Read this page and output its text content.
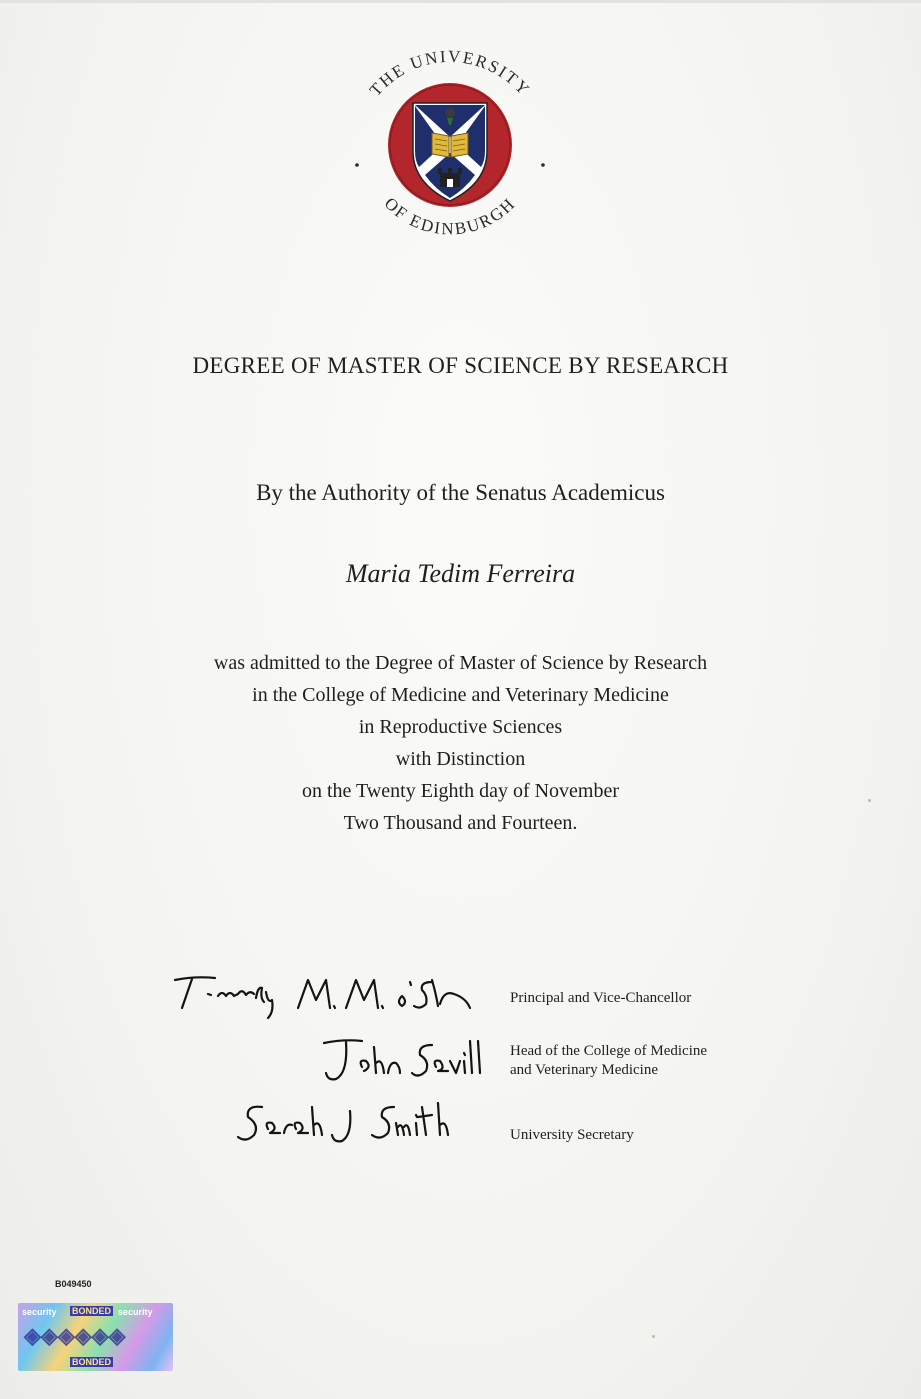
THE UNIVERSITY
OF EDINBURGH
DEGREE OF MASTER OF SCIENCE BY RESEARCH
By the Authority of the Senatus Academicus
Maria Tedim Ferreira
was admitted to the Degree of Master of Science by Research
in the College of Medicine and Veterinary Medicine
in Reproductive Sciences
with Distinction
on the Twenty Eighth day of November
Two Thousand and Fourteen.
Principal and Vice-Chancellor
Head of the College of Medicine
and Veterinary Medicine
University Secretary
B049450
security BONDED security
BONDED
◈◈◈◈◈◈
